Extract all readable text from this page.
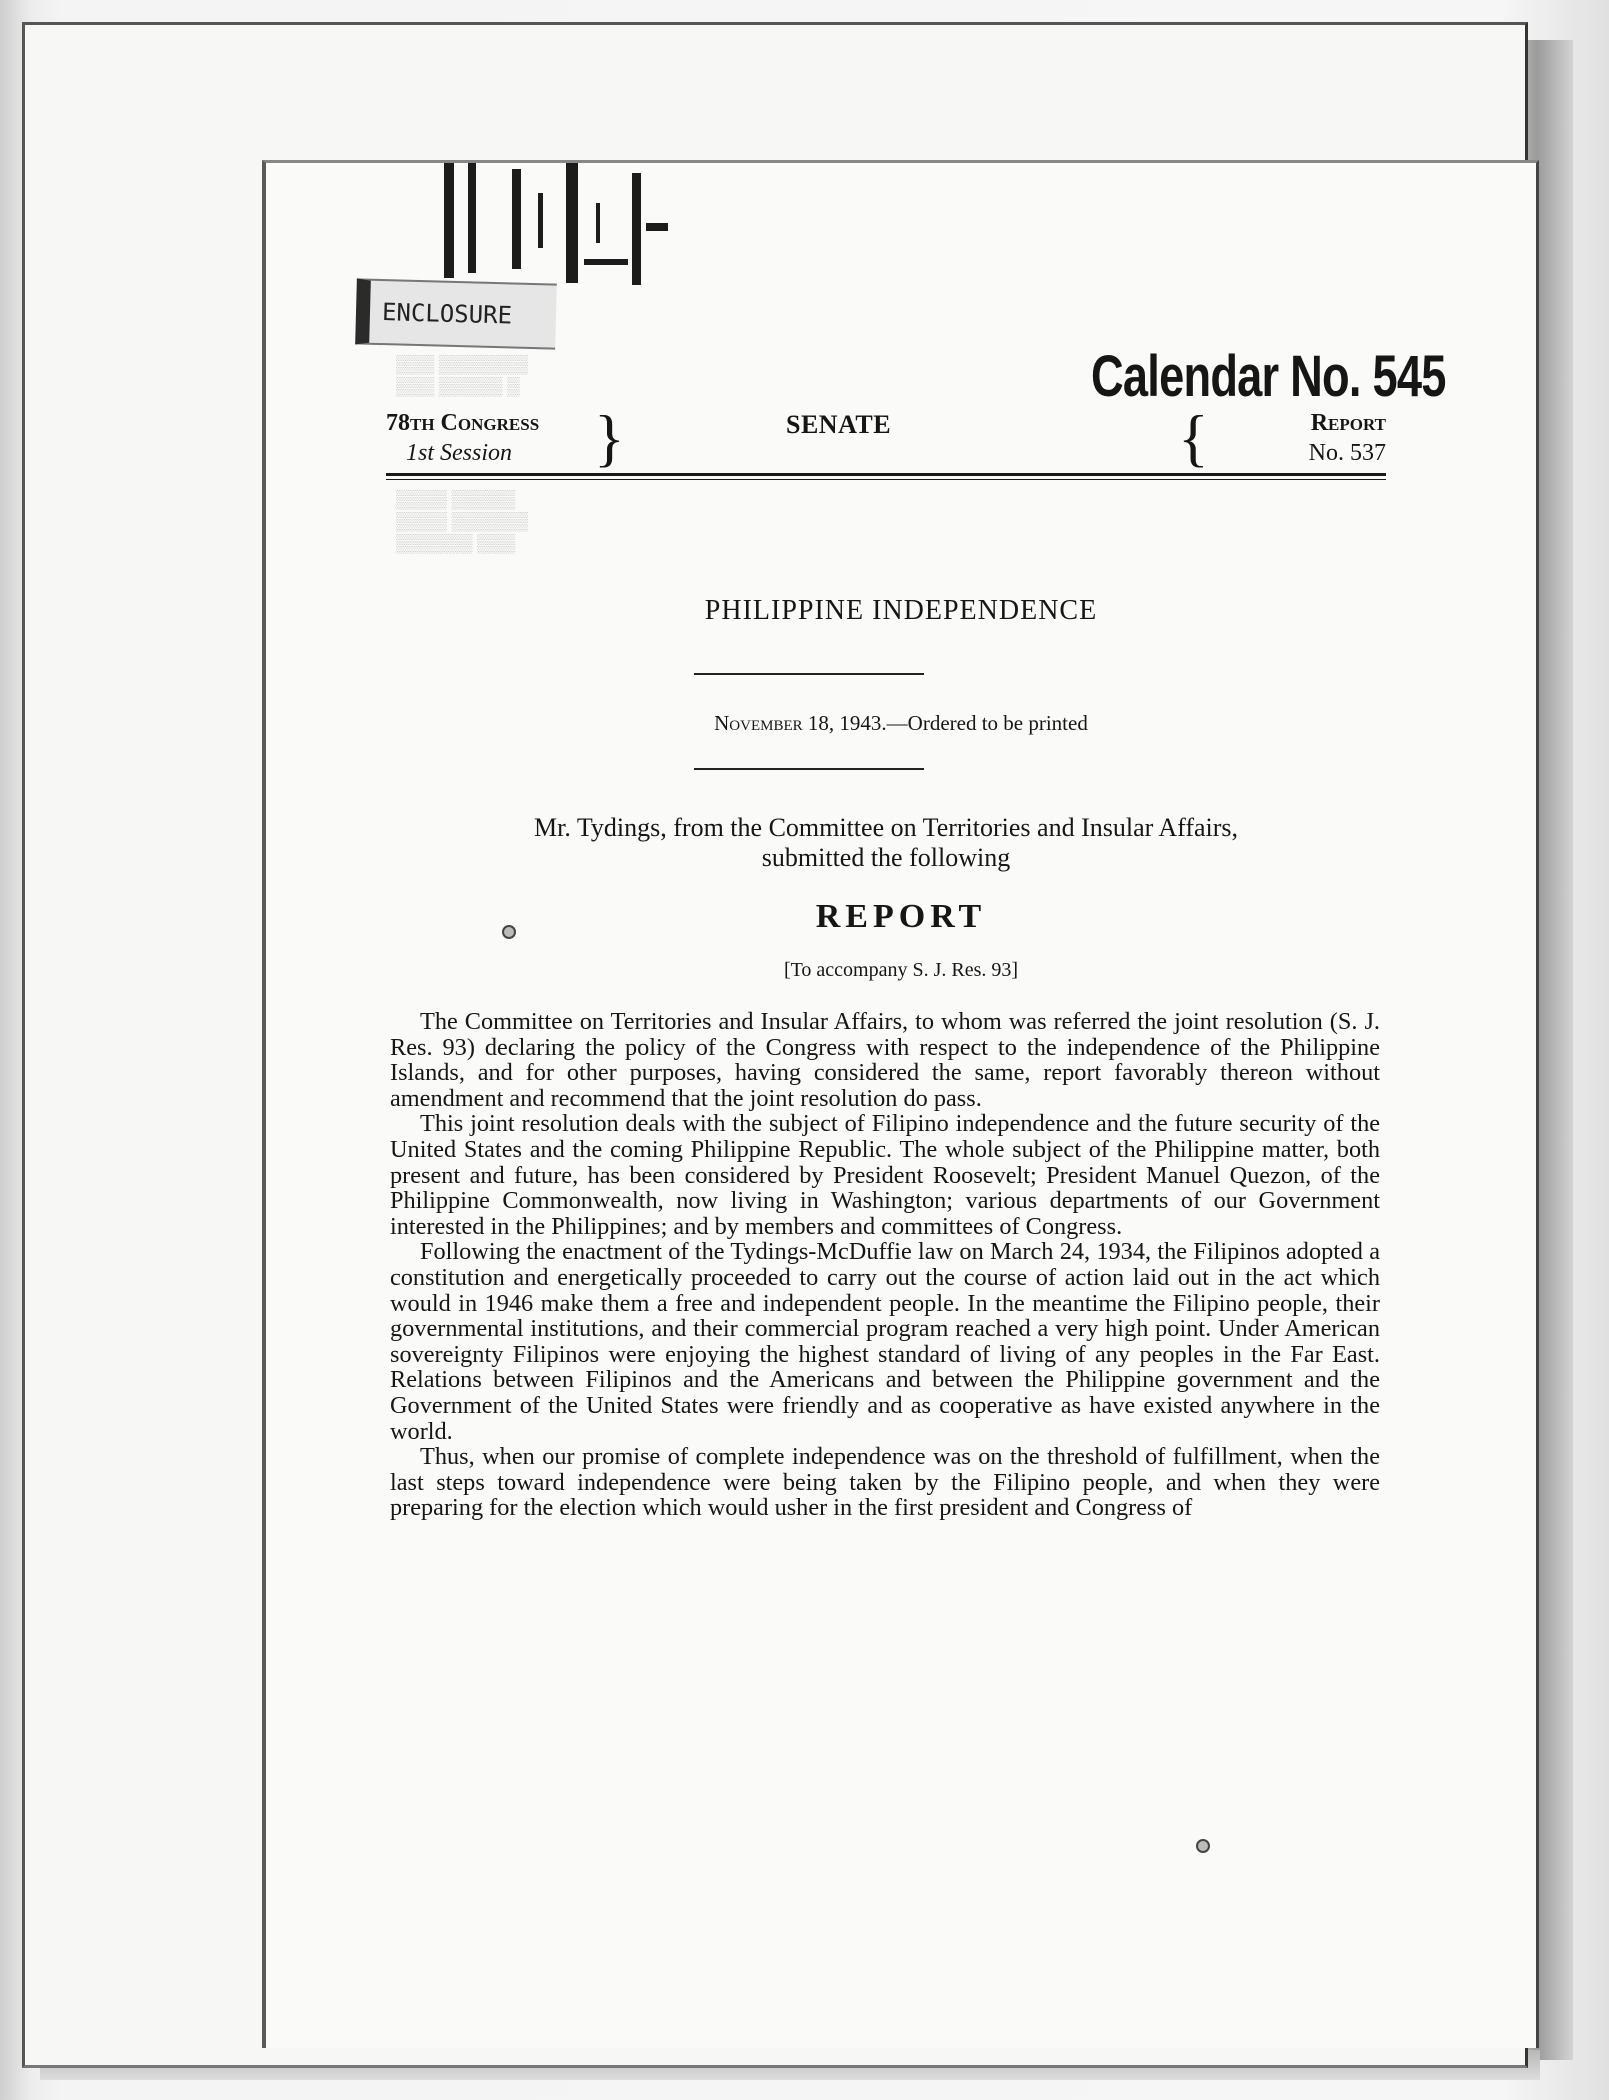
ENCLOSURE
▒▒▒ ▒▒▒▒▒▒▒
▒▒▒ ▒▒▒▒▒ ▒
▒▒▒▒ ▒▒▒▒▒
▒▒▒▒ ▒▒▒▒▒▒
▒▒▒▒▒▒ ▒▒▒
Calendar No. 545
78th Congress
1st Session	}	SENATE	{	Report
No. 537
PHILIPPINE INDEPENDENCE
November 18, 1943.—Ordered to be printed
Mr. Tydings, from the Committee on Territories and Insular Affairs,
submitted the following
REPORT
[To accompany S. J. Res. 93]

The Committee on Territories and Insular Affairs, to whom was referred the joint resolution (S. J. Res. 93) declaring the policy of the Congress with respect to the independence of the Philippine Islands, and for other purposes, having considered the same, report favorably thereon without amendment and recommend that the joint resolution do pass.

This joint resolution deals with the subject of Filipino independence and the future security of the United States and the coming Philippine Republic. The whole subject of the Philippine matter, both present and future, has been considered by President Roosevelt; President Manuel Quezon, of the Philippine Commonwealth, now living in Washington; various departments of our Government interested in the Philippines; and by members and committees of Congress.

Following the enactment of the Tydings-McDuffie law on March 24, 1934, the Filipinos adopted a constitution and energetically proceeded to carry out the course of action laid out in the act which would in 1946 make them a free and independent people. In the meantime the Filipino people, their governmental institutions, and their commercial program reached a very high point. Under American sovereignty Filipinos were enjoying the highest standard of living of any peoples in the Far East. Relations between Filipinos and the Americans and between the Philippine government and the Government of the United States were friendly and as cooperative as have existed anywhere in the world.

Thus, when our promise of complete independence was on the threshold of fulfillment, when the last steps toward independence were being taken by the Filipino people, and when they were preparing for the election which would usher in the first president and Congress of
